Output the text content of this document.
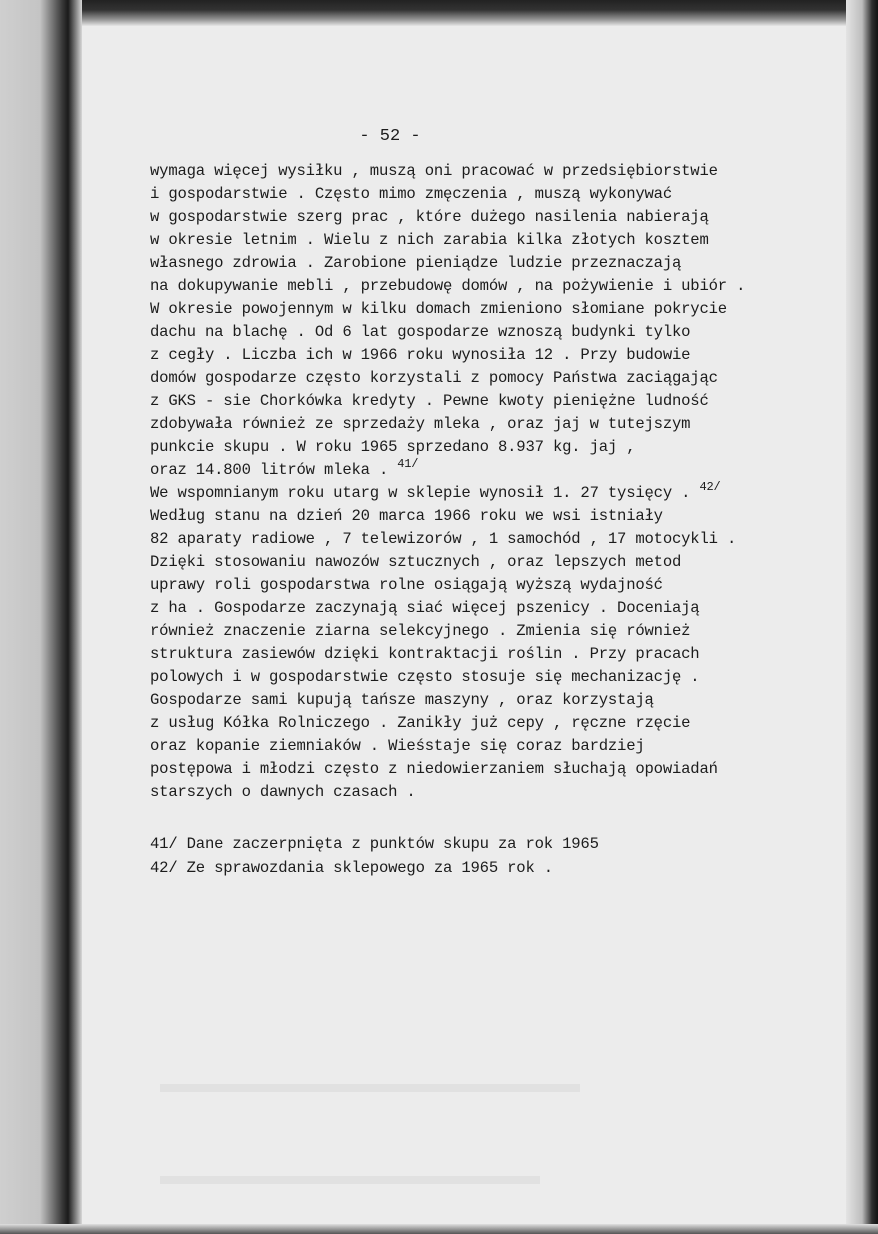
- 52 -
wymaga więcej wysiłku , muszą oni pracować w przedsiębiorstwie
i gospodarstwie . Często mimo zmęczenia , muszą wykonywać
w gospodarstwie szerg prac , które dużego nasilenia nabierają
w okresie letnim . Wielu z nich zarabia kilka złotych kosztem
własnego zdrowia . Zarobione pieniądze ludzie przeznaczają
na dokupywanie mebli , przebudowę domów , na pożywienie i ubiór .
W okresie powojennym w kilku domach zmieniono słomiane pokrycie
dachu na blachę . Od 6 lat gospodarze wznoszą budynki tylko
z cegły . Liczba ich w 1966 roku wynosiła 12 . Przy budowie
domów gospodarze często korzystali z pomocy Państwa zaciągając
z GKS - sie Chorkówka kredyty . Pewne kwoty pieniężne ludność
zdobywała również ze sprzedaży mleka , oraz jaj w tutejszym
punkcie skupu . W roku 1965 sprzedano 8.937 kg. jaj ,
oraz 14.800 litrów mleka . $^{41/}$
We wspomnianym roku utarg w sklepie wynosił 1. 27 tysięcy . $^{42/}$
Według stanu na dzień 20 marca 1966 roku we wsi istniały
82 aparaty radiowe , 7 telewizorów , 1 samochód , 17 motocykli .
Dzięki stosowaniu nawozów sztucznych , oraz lepszych metod
uprawy roli gospodarstwa rolne osiągają wyższą wydajność
z ha . Gospodarze zaczynają siać więcej pszenicy . Doceniają
również znaczenie ziarna selekcyjnego . Zmienia się również
struktura zasiewów dzięki kontraktacji roślin . Przy pracach
polowych i w gospodarstwie często stosuje się mechanizację .
Gospodarze sami kupują tańsze maszyny , oraz korzystają
z usług Kółka Rolniczego . Zanikły już cepy , ręczne rzęcie
oraz kopanie ziemniaków . Wieśstaje się coraz bardziej
postępowa i młodzi często z niedowierzaniem słuchają opowiadań
starszych o dawnych czasach .
41/ Dane zaczerpnięta z punktów skupu za rok 1965
42/ Ze sprawozdania sklepowego za 1965 rok .
